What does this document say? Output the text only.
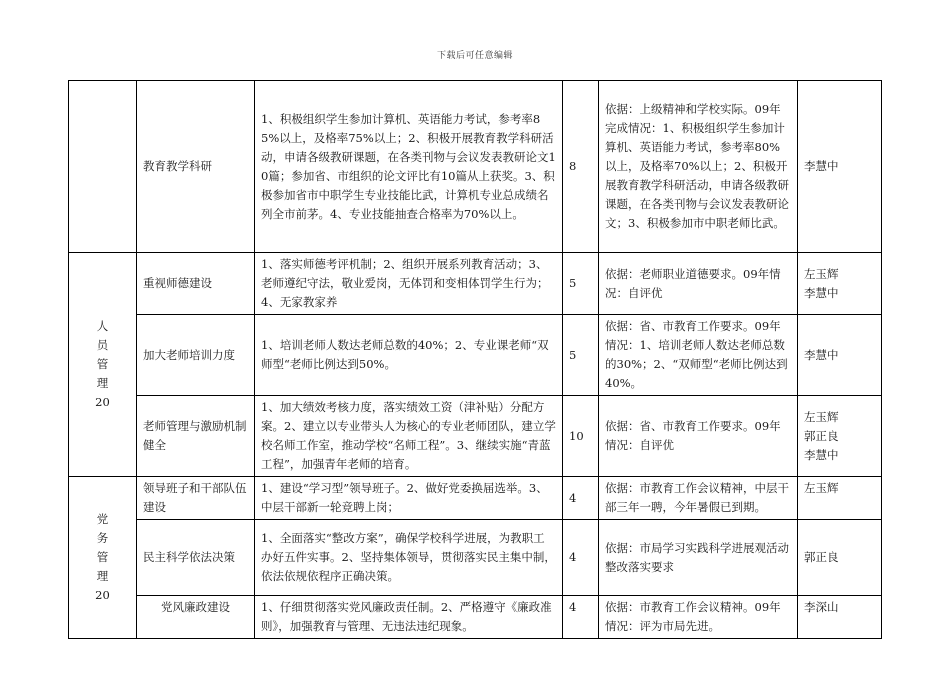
下载后可任意编辑
	教育教学科研	1、积极组织学生参加计算机、英语能力考试，参考率85%以上，及格率75%以上；2、积极开展教育教学科研活动，申请各级教研课题，在各类刊物与会议发表教研论文10篇；参加省、市组织的论文评比有10篇从上获奖。3、积极参加省市中职学生专业技能比武，计算机专业总成绩名列全市前茅。4、专业技能抽查合格率为70%以上。	8	依据：上级精神和学校实际。09年完成情况：1、积极组织学生参加计算机、英语能力考试，参考率80%以上，及格率70%以上；2、积极开展教育教学科研活动，申请各级教研课题，在各类刊物与会议发表教研论文；3、积极参加市中职老师比武。	李慧中

人
员
管
理
20	重视师德建设	1、落实师德考评机制；2、组织开展系列教育活动；3、老师遵纪守法，敬业爱岗，无体罚和变相体罚学生行为；4、无家教家养	5	依据：老师职业道德要求。09年情况：自评优	左玉辉
李慧中
	加大老师培训力度	1、培训老师人数达老师总数的40%；2、专业课老师“双师型“老师比例达到50%。	5	依据：省、市教育工作要求。09年情况：1、培训老师人数达老师总数的30%；2、“双师型“老师比例达到40%。	李慧中
	老师管理与激励机制健全	1、加大绩效考核力度，落实绩效工资（津补贴）分配方案。2、建立以专业带头人为核心的专业老师团队，建立学校名师工作室，推动学校“名师工程”。3、继续实施“青蓝工程”，加强青年老师的培育。	10	依据：省、市教育工作要求。09年情况：自评优	左玉辉
郭正良
李慧中

党
务
管
理
20	领导班子和干部队伍建设	1、建设“学习型”领导班子。2、做好党委换届选举。3、中层干部新一轮竞聘上岗；	4	依据：市教育工作会议精神，中层干部三年一聘，今年暑假已到期。	左玉辉
	民主科学依法决策	1、全面落实“整改方案”，确保学校科学进展，为教职工办好五件实事。2、坚持集体领导，贯彻落实民主集中制，依法依规依程序正确决策。	4	依据：市局学习实践科学进展观活动整改落实要求	郭正良
	党风廉政建设	1、仔细贯彻落实党风廉政责任制。2、严格遵守《廉政准则》，加强教育与管理、无违法违纪现象。	4	依据：市教育工作会议精神。09年情况：评为市局先进。	李深山
